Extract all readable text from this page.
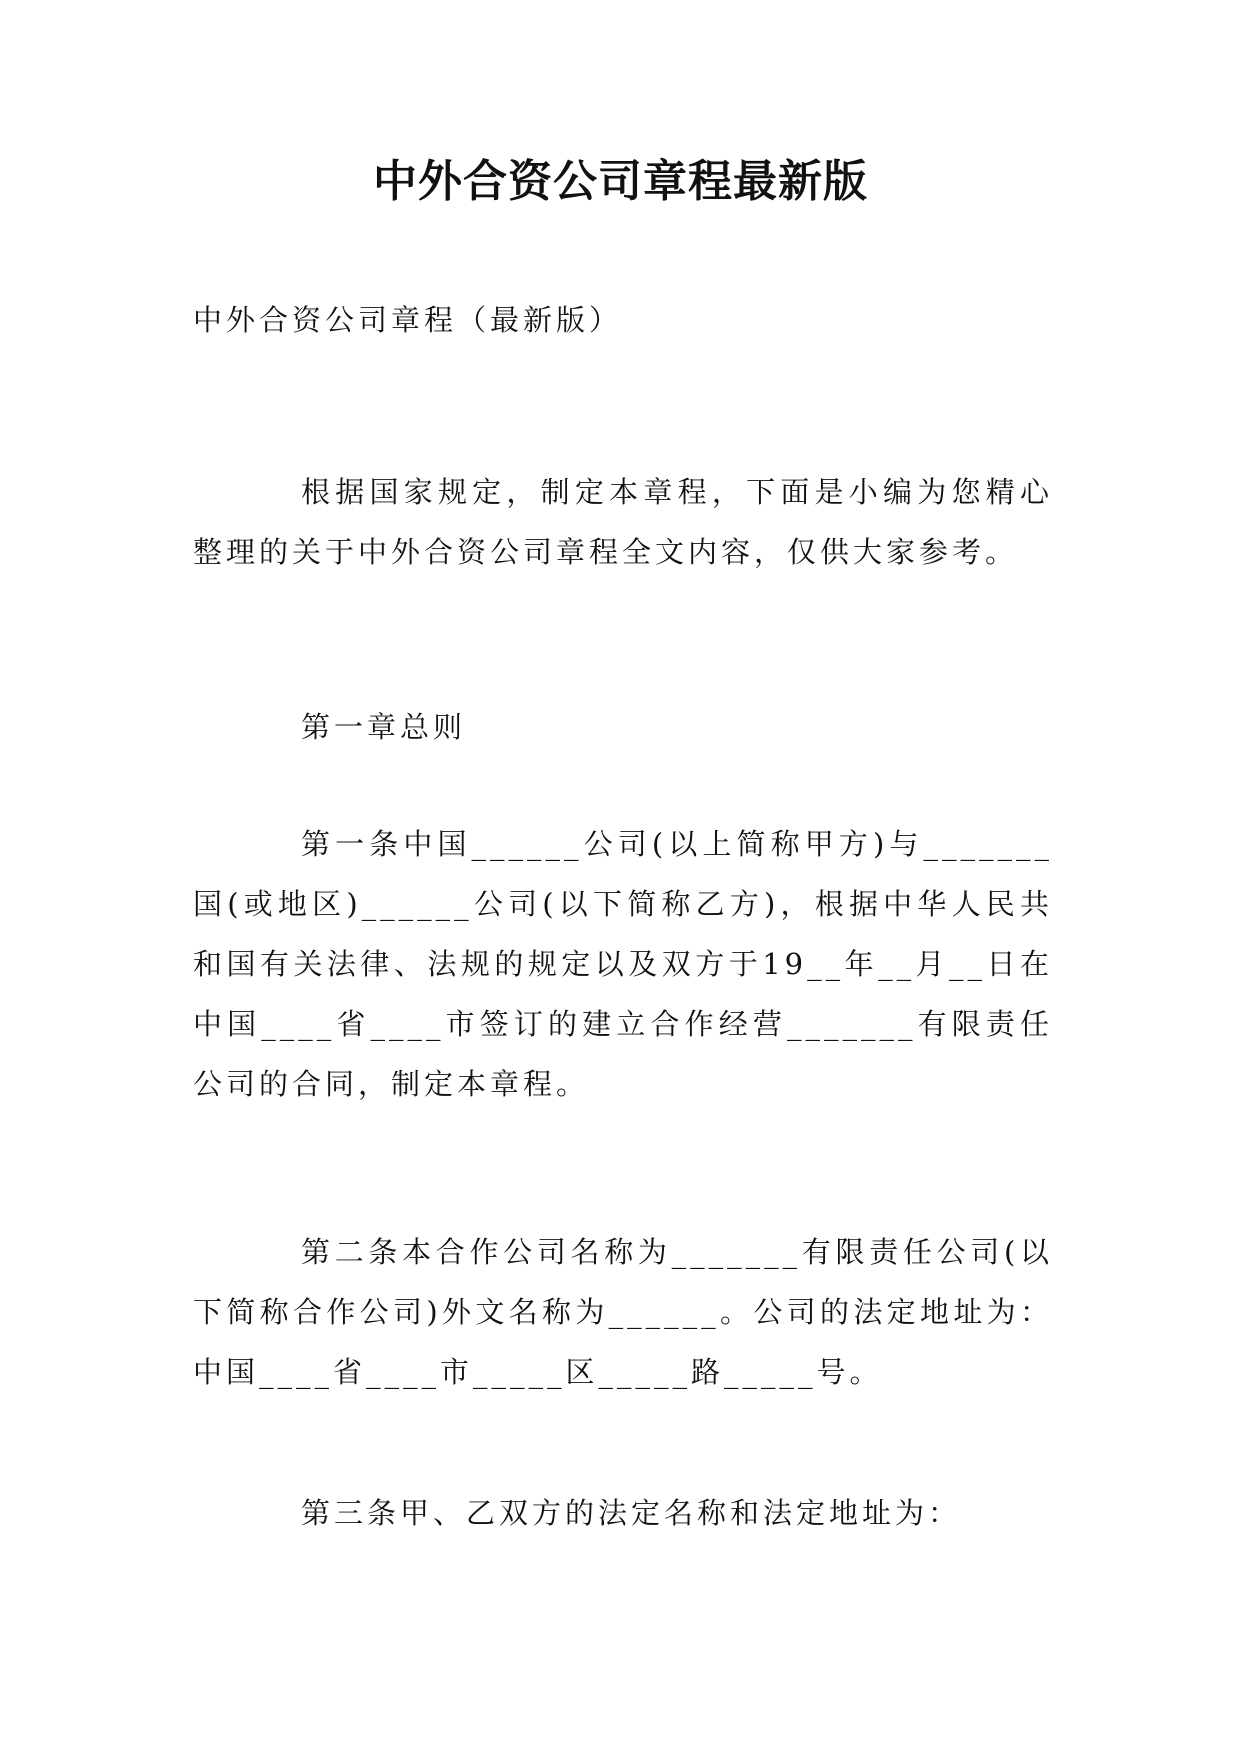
中外合资公司章程最新版

中外合资公司章程（最新版）

根据国家规定，制定本章程，下面是小编为您精心整理的关于中外合资公司章程全文内容，仅供大家参考。

第一章总则

第一条中国______公司(以上简称甲方)与_______国(或地区)______公司(以下简称乙方)，根据中华人民共和国有关法律、法规的规定以及双方于19__年__月__日在中国____省____市签订的建立合作经营_______有限责任公司的合同，制定本章程。

第二条本合作公司名称为_______有限责任公司(以下简称合作公司)外文名称为______。公司的法定地址为：中国____省____市_____区_____路_____号。

第三条甲、乙双方的法定名称和法定地址为：
